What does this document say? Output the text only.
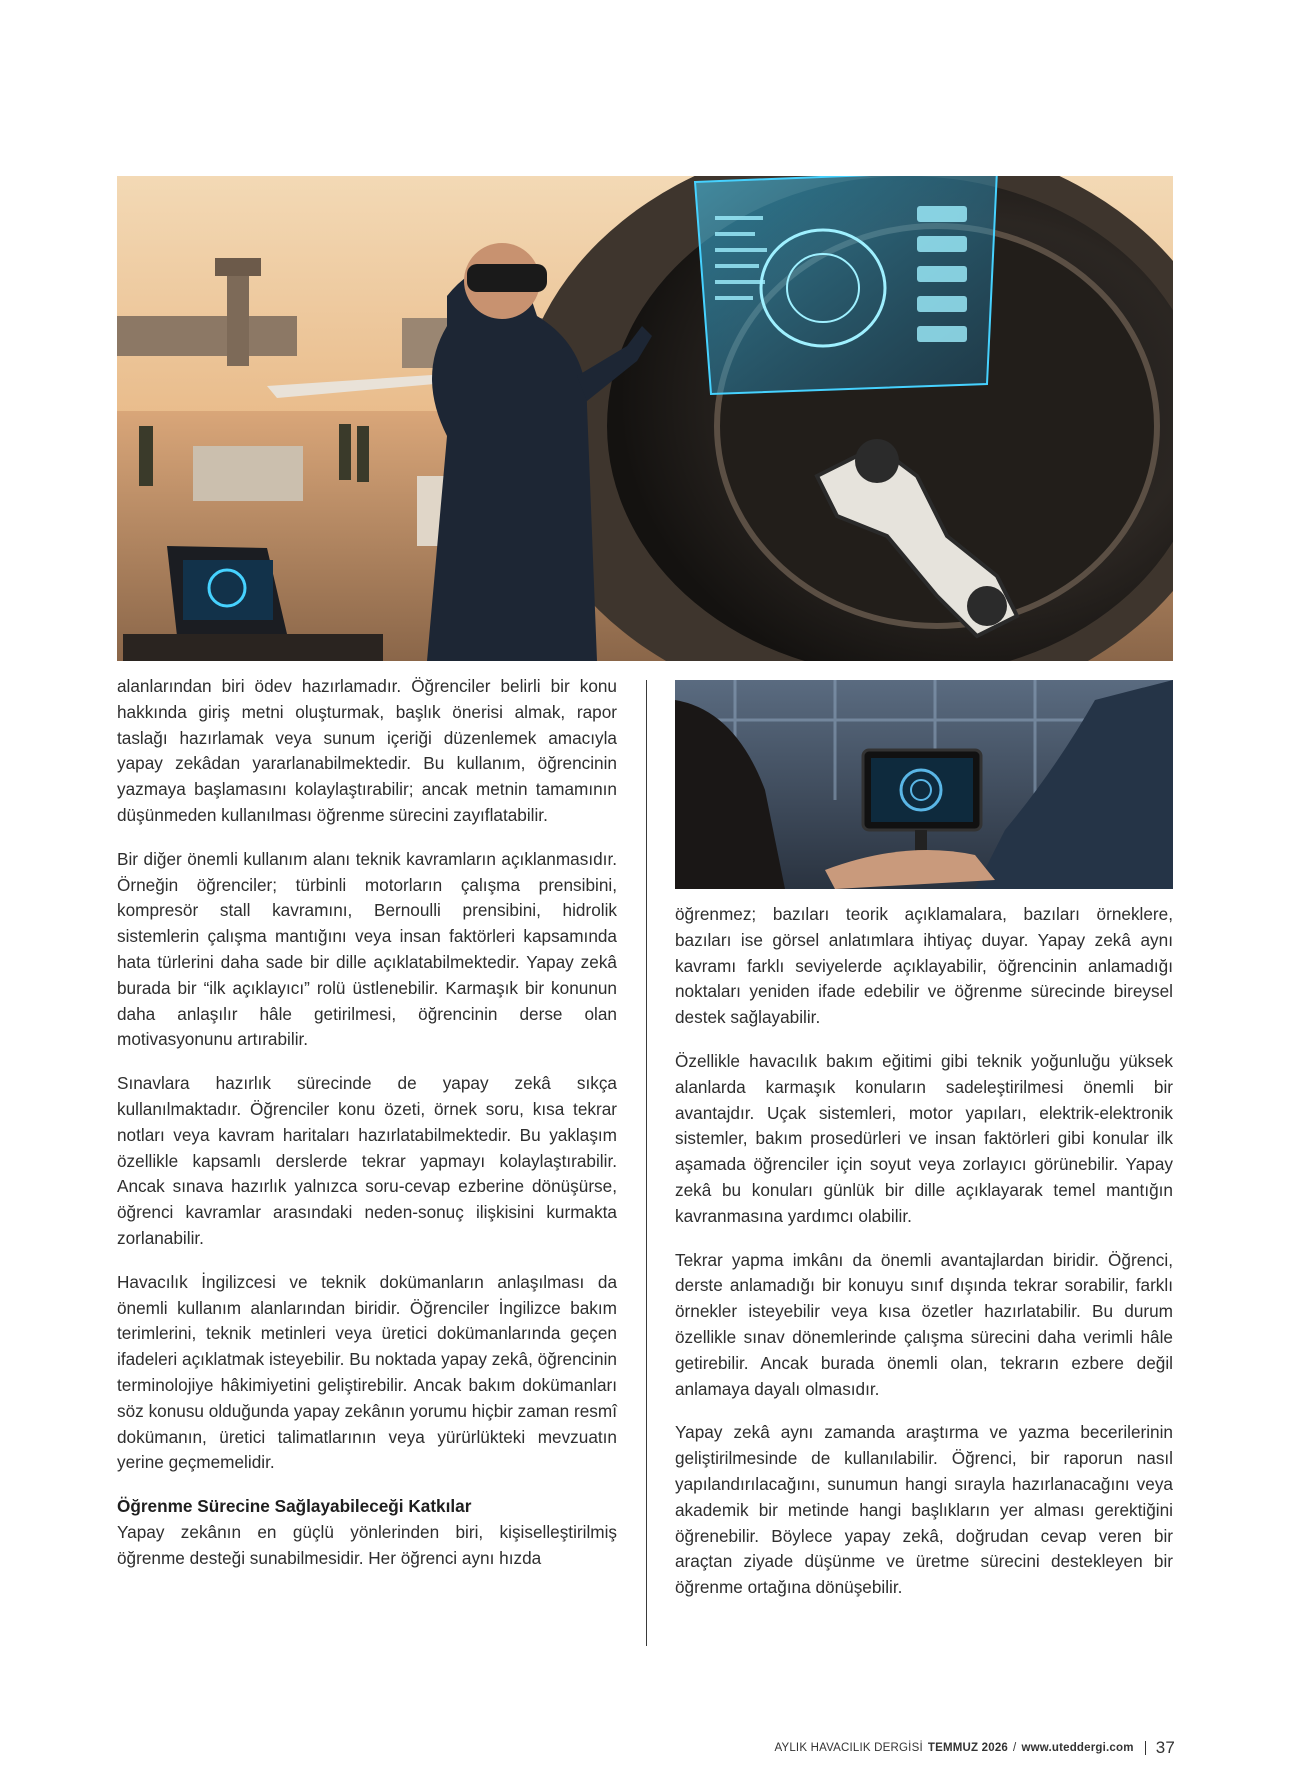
alanlarından biri ödev hazırlamadır. Öğrenciler belirli bir konu hakkında giriş metni oluşturmak, başlık önerisi almak, rapor taslağı hazırlamak veya sunum içeriği düzenlemek amacıyla yapay zekâdan yararlanabilmektedir. Bu kullanım, öğrencinin yazmaya başlamasını kolaylaştırabilir; ancak metnin tamamının düşünmeden kullanılması öğrenme sürecini zayıflatabilir.

Bir diğer önemli kullanım alanı teknik kavramların açıklanmasıdır. Örneğin öğrenciler; türbinli motorların çalışma prensibini, kompresör stall kavramını, Bernoulli prensibini, hidrolik sistemlerin çalışma mantığını veya insan faktörleri kapsamında hata türlerini daha sade bir dille açıklatabilmektedir. Yapay zekâ burada bir “ilk açıklayıcı” rolü üstlenebilir. Karmaşık bir konunun daha anlaşılır hâle getirilmesi, öğrencinin derse olan motivasyonunu artırabilir.

Sınavlara hazırlık sürecinde de yapay zekâ sıkça kullanılmaktadır. Öğrenciler konu özeti, örnek soru, kısa tekrar notları veya kavram haritaları hazırlatabilmektedir. Bu yaklaşım özellikle kapsamlı derslerde tekrar yapmayı kolaylaştırabilir. Ancak sınava hazırlık yalnızca soru-cevap ezberine dönüşürse, öğrenci kavramlar arasındaki neden-sonuç ilişkisini kurmakta zorlanabilir.

Havacılık İngilizcesi ve teknik dokümanların anlaşılması da önemli kullanım alanlarından biridir. Öğrenciler İngilizce bakım terimlerini, teknik metinleri veya üretici dokümanlarında geçen ifadeleri açıklatmak isteyebilir. Bu noktada yapay zekâ, öğrencinin terminolojiye hâkimiyetini geliştirebilir. Ancak bakım dokümanları söz konusu olduğunda yapay zekânın yorumu hiçbir zaman resmî dokümanın, üretici talimatlarının veya yürürlükteki mevzuatın yerine geçmemelidir.

Öğrenme Sürecine Sağlayabileceği Katkılar

Yapay zekânın en güçlü yönlerinden biri, kişiselleştirilmiş öğrenme desteği sunabilmesidir. Her öğrenci aynı hızda

öğrenmez; bazıları teorik açıklamalara, bazıları örneklere, bazıları ise görsel anlatımlara ihtiyaç duyar. Yapay zekâ aynı kavramı farklı seviyelerde açıklayabilir, öğrencinin anlamadığı noktaları yeniden ifade edebilir ve öğrenme sürecinde bireysel destek sağlayabilir.

Özellikle havacılık bakım eğitimi gibi teknik yoğunluğu yüksek alanlarda karmaşık konuların sadeleştirilmesi önemli bir avantajdır. Uçak sistemleri, motor yapıları, elektrik-elektronik sistemler, bakım prosedürleri ve insan faktörleri gibi konular ilk aşamada öğrenciler için soyut veya zorlayıcı görünebilir. Yapay zekâ bu konuları günlük bir dille açıklayarak temel mantığın kavranmasına yardımcı olabilir.

Tekrar yapma imkânı da önemli avantajlardan biridir. Öğrenci, derste anlamadığı bir konuyu sınıf dışında tekrar sorabilir, farklı örnekler isteyebilir veya kısa özetler hazırlatabilir. Bu durum özellikle sınav dönemlerinde çalışma sürecini daha verimli hâle getirebilir. Ancak burada önemli olan, tekrarın ezbere değil anlamaya dayalı olmasıdır.

Yapay zekâ aynı zamanda araştırma ve yazma becerilerinin geliştirilmesinde de kullanılabilir. Öğrenci, bir raporun nasıl yapılandırılacağını, sunumun hangi sırayla hazırlanacağını veya akademik bir metinde hangi başlıkların yer alması gerektiğini öğrenebilir. Böylece yapay zekâ, doğrudan cevap veren bir araçtan ziyade düşünme ve üretme sürecini destekleyen bir öğrenme ortağına dönüşebilir.

AYLIK HAVACILIK DERGİSİ TEMMUZ 2026 / www.uteddergi.com 37
